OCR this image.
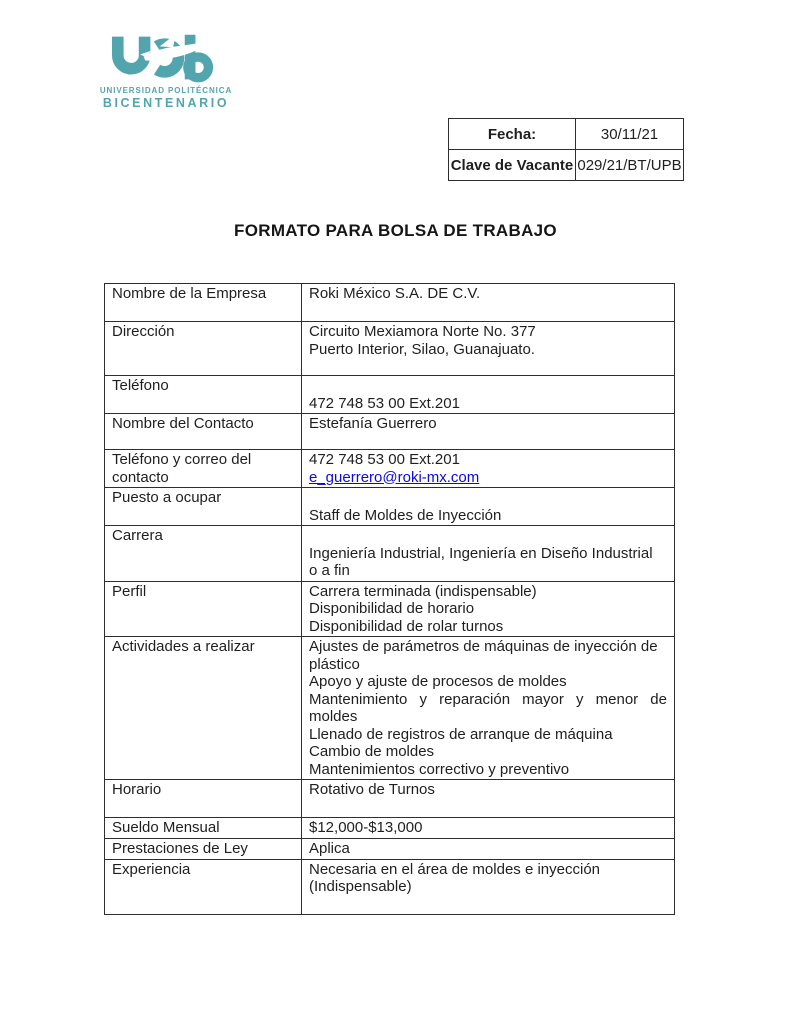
UNIVERSIDAD POLITÉCNICA
BICENTENARIO
Fecha:	30/11/21
Clave de Vacante	029/21/BT/UPB
FORMATO PARA BOLSA DE TRABAJO
Nombre de la Empresa	Roki México S.A. DE C.V.

Dirección	Circuito Mexiamora Norte No. 377
Puerto Interior, Silao, Guanajuato.

Teléfono	472 748 53 00 Ext.201

Nombre del Contacto	Estefanía Guerrero

Teléfono y correo del contacto	472 748 53 00 Ext.201
e_guerrero@roki-mx.com

Puesto a ocupar	Staff de Moldes de Inyección

Carrera	Ingeniería Industrial, Ingeniería en Diseño Industrial
o a fin

Perfil	Carrera terminada (indispensable)
Disponibilidad de horario
Disponibilidad de rolar turnos

Actividades a realizar	Ajustes de parámetros de máquinas de inyección de
plástico
Apoyo y ajuste de procesos de moldes
Mantenimiento y reparación mayor y menor de
moldes
Llenado de registros de arranque de máquina
Cambio de moldes
Mantenimientos correctivo y preventivo

Horario	Rotativo de Turnos

Sueldo Mensual	$12,000-$13,000

Prestaciones de Ley	Aplica

Experiencia	Necesaria en el área de moldes e inyección
(Indispensable)
